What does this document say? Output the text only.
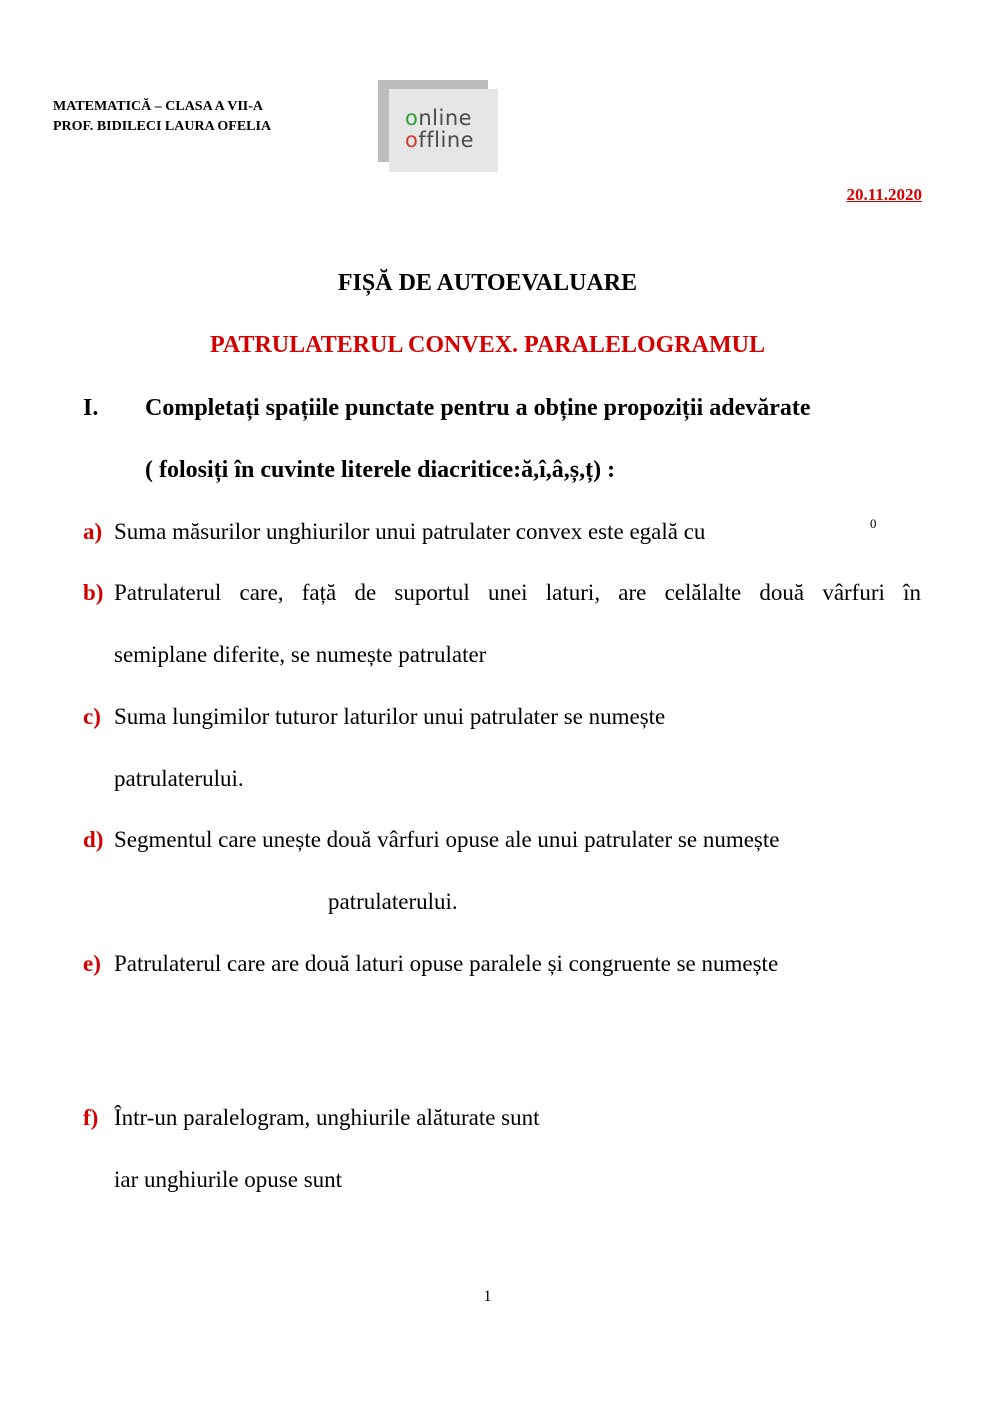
MATEMATICĂ – CLASA A VII-A
PROF. BIDILECI LAURA OFELIA	online
offline
20.11.2020
FIȘĂ DE AUTOEVALUARE
PATRULATERUL CONVEX. PARALELOGRAMUL
I. Completați spațiile punctate pentru a obține propoziții adevărate
( folosiți în cuvinte literele diacritice:ă,î,â,ș,ț) :
a) Suma măsurilor unghiurilor unui patrulater convex este egală cu	0
b) Patrulaterul care, față de suportul unei laturi, are celălalte două vârfuri în
semiplane diferite, se numește patrulater
c) Suma lungimilor tuturor laturilor unui patrulater se numește
patrulaterului.
d) Segmentul care unește două vârfuri opuse ale unui patrulater se numește
patrulaterului.
e) Patrulaterul care are două laturi opuse paralele și congruente se numește
f) Într-un paralelogram, unghiurile alăturate sunt
iar unghiurile opuse sunt
1
